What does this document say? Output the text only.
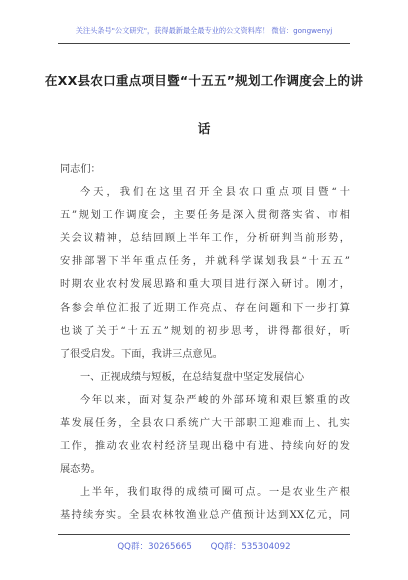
关注头条号"公文研究"，获得最新最全最专业的公文资料库！ 微信：gongwenyj
在XX县农口重点项目暨“十五五”规划工作调度会上的讲
话
同志们：
今天，我们在这里召开全县农口重点项目暨“十
五”规划工作调度会，主要任务是深入贯彻落实省、市相
关会议精神，总结回顾上半年工作，分析研判当前形势，
安排部署下半年重点任务，并就科学谋划我县“十五五”
时期农业农村发展思路和重大项目进行深入研讨。刚才，
各参会单位汇报了近期工作亮点、存在问题和下一步打算
也谈了关于“十五五”规划的初步思考，讲得都很好，听
了很受启发。下面，我讲三点意见。
一、正视成绩与短板，在总结复盘中坚定发展信心
今年以来，面对复杂严峻的外部环境和艰巨繁重的改
革发展任务，全县农口系统广大干部职工迎难而上、扎实
工作，推动农业农村经济呈现出稳中有进、持续向好的发
展态势。
上半年，我们取得的成绩可圈可点。一是农业生产根
基持续夯实。全县农林牧渔业总产值预计达到XX亿元，同
QQ群：30265665 QQ群：535304092
